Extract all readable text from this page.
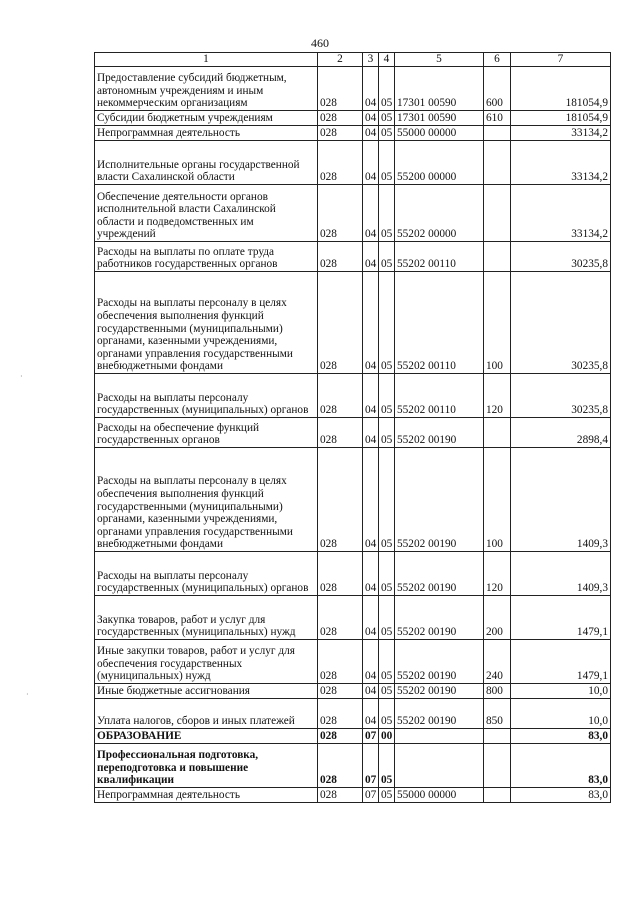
460
1	2	3	4	5	6	7
Предоставление субсидий бюджетным, автономным учреждениям и иным некоммерческим организациям	028	04	05	17301 00590	600	181054,9
Субсидии бюджетным учреждениям	028	04	05	17301 00590	610	181054,9
Непрограммная деятельность	028	04	05	55000 00000		33134,2
Исполнительные органы государственной власти Сахалинской области	028	04	05	55200 00000		33134,2
Обеспечение деятельности органов исполнительной власти Сахалинской области и подведомственных им учреждений	028	04	05	55202 00000		33134,2
Расходы на выплаты по оплате труда работников государственных органов	028	04	05	55202 00110		30235,8
Расходы на выплаты персоналу в целях обеспечения выполнения функций государственными (муниципальными) органами, казенными учреждениями, органами управления государственными внебюджетными фондами	028	04	05	55202 00110	100	30235,8
Расходы на выплаты персоналу государственных (муниципальных) органов	028	04	05	55202 00110	120	30235,8
Расходы на обеспечение функций государственных органов	028	04	05	55202 00190		2898,4
Расходы на выплаты персоналу в целях обеспечения выполнения функций государственными (муниципальными) органами, казенными учреждениями, органами управления государственными внебюджетными фондами	028	04	05	55202 00190	100	1409,3
Расходы на выплаты персоналу государственных (муниципальных) органов	028	04	05	55202 00190	120	1409,3
Закупка товаров, работ и услуг для государственных (муниципальных) нужд	028	04	05	55202 00190	200	1479,1
Иные закупки товаров, работ и услуг для обеспечения государственных (муниципальных) нужд	028	04	05	55202 00190	240	1479,1
Иные бюджетные ассигнования	028	04	05	55202 00190	800	10,0
Уплата налогов, сборов и иных платежей	028	04	05	55202 00190	850	10,0
ОБРАЗОВАНИЕ	028	07	00			83,0
Профессиональная подготовка, переподготовка и повышение квалификации	028	07	05			83,0
Непрограммная деятельность	028	07	05	55000 00000		83,0
·
·
